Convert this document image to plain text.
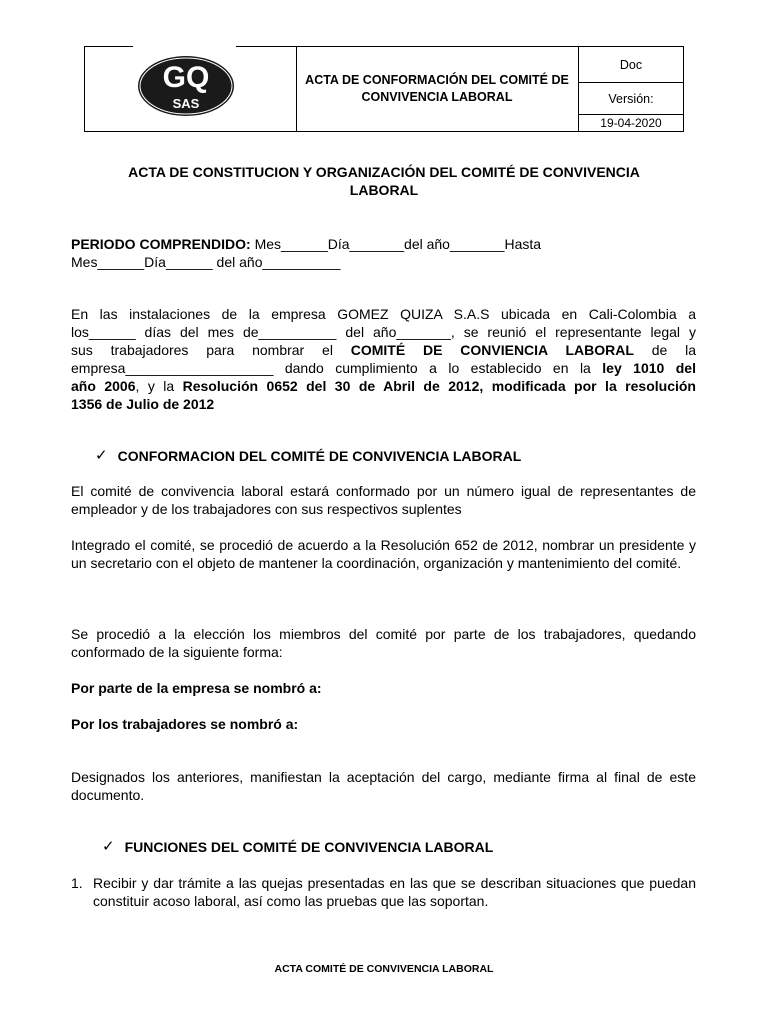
GQ
SAS
ACTA DE CONFORMACIÓN DEL COMITÉ DE CONVIVENCIA LABORAL
Doc
Versión:
19-04-2020
ACTA DE CONSTITUCION Y ORGANIZACIÓN DEL COMITÉ DE CONVIVENCIA LABORAL
PERIODO COMPRENDIDO: Mes______Día_______del año_______Hasta
Mes______Día______ del año__________
En las instalaciones de la empresa GOMEZ QUIZA S.A.S ubicada en Cali-Colombia a
los______ días del mes de__________ del año_______, se reunió el representante legal y
sus trabajadores para nombrar el COMITÉ DE CONVIENCIA LABORAL de la
empresa___________________ dando cumplimiento a lo establecido en la ley 1010 del
año 2006, y la Resolución 0652 del 30 de Abril de 2012, modificada por la resolución
1356 de Julio de 2012
✓ CONFORMACION DEL COMITÉ DE CONVIVENCIA LABORAL
El comité de convivencia laboral estará conformado por un número igual de representantes de empleador y de los trabajadores con sus respectivos suplentes
Integrado el comité, se procedió de acuerdo a la Resolución 652 de 2012, nombrar un presidente y un secretario con el objeto de mantener la coordinación, organización y mantenimiento del comité.
Se procedió a la elección los miembros del comité por parte de los trabajadores, quedando conformado de la siguiente forma:
Por parte de la empresa se nombró a:
Por los trabajadores se nombró a:
Designados los anteriores, manifiestan la aceptación del cargo, mediante firma al final de este documento.
✓ FUNCIONES DEL COMITÉ DE CONVIVENCIA LABORAL
1. Recibir y dar trámite a las quejas presentadas en las que se describan situaciones que puedan constituir acoso laboral, así como las pruebas que las soportan.
ACTA COMITÉ DE CONVIVENCIA LABORAL
